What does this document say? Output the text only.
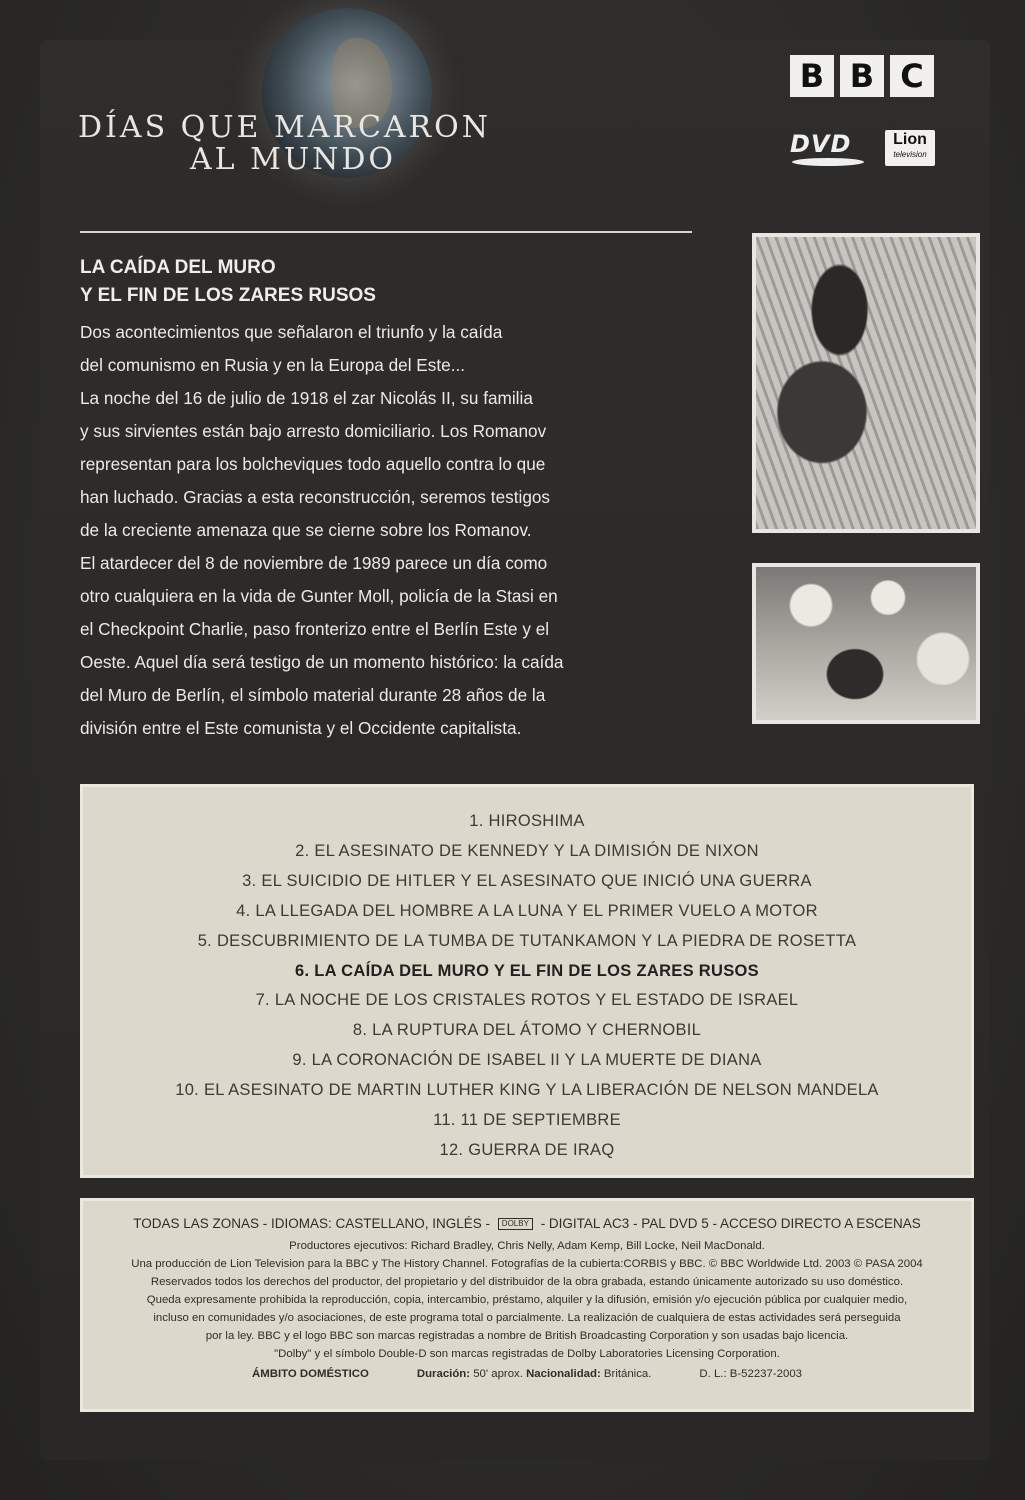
DÍAS QUE MARCARON
AL MUNDO
B B C
DVD	Lion
television
LA CAÍDA DEL MURO
Y EL FIN DE LOS ZARES RUSOS

Dos acontecimientos que señalaron el triunfo y la caída

del comunismo en Rusia y en la Europa del Este...

La noche del 16 de julio de 1918 el zar Nicolás II, su familia

y sus sirvientes están bajo arresto domiciliario. Los Romanov

representan para los bolcheviques todo aquello contra lo que

han luchado. Gracias a esta reconstrucción, seremos testigos

de la creciente amenaza que se cierne sobre los Romanov.

El atardecer del 8 de noviembre de 1989 parece un día como

otro cualquiera en la vida de Gunter Moll, policía de la Stasi en

el Checkpoint Charlie, paso fronterizo entre el Berlín Este y el

Oeste. Aquel día será testigo de un momento histórico: la caída

del Muro de Berlín, el símbolo material durante 28 años de la

división entre el Este comunista y el Occidente capitalista.

1. HIROSHIMA
2. EL ASESINATO DE KENNEDY Y LA DIMISIÓN DE NIXON
3. EL SUICIDIO DE HITLER Y EL ASESINATO QUE INICIÓ UNA GUERRA
4. LA LLEGADA DEL HOMBRE A LA LUNA Y EL PRIMER VUELO A MOTOR
5. DESCUBRIMIENTO DE LA TUMBA DE TUTANKAMON Y LA PIEDRA DE ROSETTA
6. LA CAÍDA DEL MURO Y EL FIN DE LOS ZARES RUSOS
7. LA NOCHE DE LOS CRISTALES ROTOS Y EL ESTADO DE ISRAEL
8. LA RUPTURA DEL ÁTOMO Y CHERNOBIL
9. LA CORONACIÓN DE ISABEL II Y LA MUERTE DE DIANA
10. EL ASESINATO DE MARTIN LUTHER KING Y LA LIBERACIÓN DE NELSON MANDELA
11. 11 DE SEPTIEMBRE
12. GUERRA DE IRAQ

TODAS LAS ZONAS - IDIOMAS: CASTELLANO, INGLÉS - DOLBY - DIGITAL AC3 - PAL DVD 5 - ACCESO DIRECTO A ESCENAS

Productores ejecutivos: Richard Bradley, Chris Nelly, Adam Kemp, Bill Locke, Neil MacDonald.

Una producción de Lion Television para la BBC y The History Channel. Fotografías de la cubierta:CORBIS y BBC. © BBC Worldwide Ltd. 2003 © PASA 2004

Reservados todos los derechos del productor, del propietario y del distribuidor de la obra grabada, estando únicamente autorizado su uso doméstico.

Queda expresamente prohibida la reproducción, copia, intercambio, préstamo, alquiler y la difusión, emisión y/o ejecución pública por cualquier medio,

incluso en comunidades y/o asociaciones, de este programa total o parcialmente. La realización de cualquiera de estas actividades será perseguida

por la ley. BBC y el logo BBC son marcas registradas a nombre de British Broadcasting Corporation y son usadas bajo licencia.

"Dolby" y el símbolo Double-D son marcas registradas de Dolby Laboratories Licensing Corporation.

ÁMBITO DOMÉSTICO	Duración: 50' aprox. Nacionalidad: Británica.	D. L.: B-52237-2003
